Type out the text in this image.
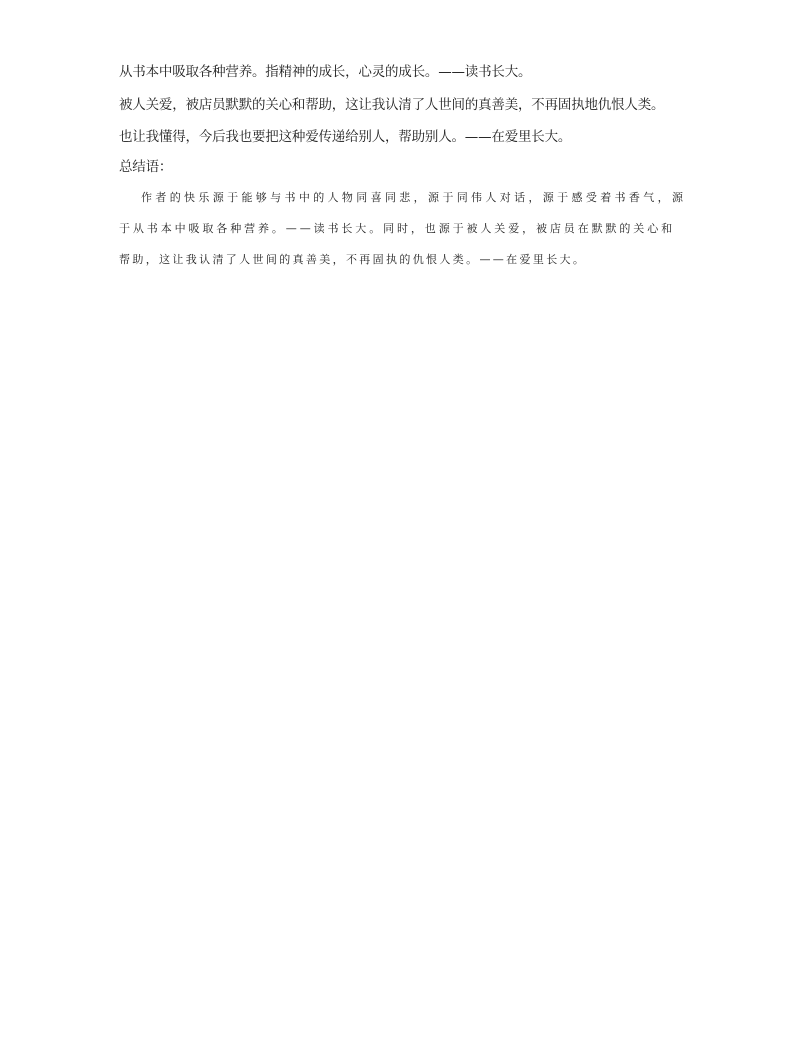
从书本中吸取各种营养。指精神的成长，心灵的成长。——读书长大。
被人关爱，被店员默默的关心和帮助，这让我认清了人世间的真善美，不再固执地仇恨人类。
也让我懂得，今后我也要把这种爱传递给别人，帮助别人。——在爱里长大。
总结语：
作者的快乐源于能够与书中的人物同喜同悲，源于同伟人对话，源于感受着书香气，源
于从书本中吸取各种营养。——读书长大。同时，也源于被人关爱，被店员在默默的关心和
帮助，这让我认清了人世间的真善美，不再固执的仇恨人类。——在爱里长大。
